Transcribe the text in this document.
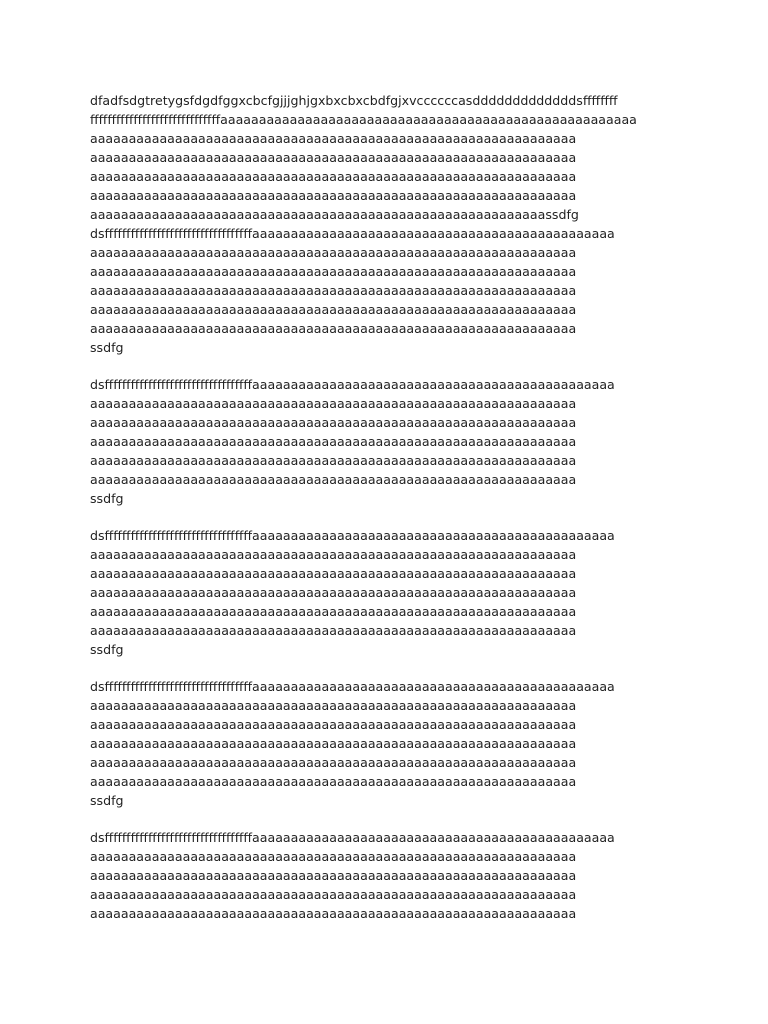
dfadfsdgtretygsfdgdfggxcbcfgjjjghjgxbxcbxcbdfgjxvccccccasdddddddddddddsffffffff
ffffffffffffffffffffffffffffffaaaaaaaaaaaaaaaaaaaaaaaaaaaaaaaaaaaaaaaaaaaaaaaaaaaaaa
aaaaaaaaaaaaaaaaaaaaaaaaaaaaaaaaaaaaaaaaaaaaaaaaaaaaaaaaaaaaaaa
aaaaaaaaaaaaaaaaaaaaaaaaaaaaaaaaaaaaaaaaaaaaaaaaaaaaaaaaaaaaaaa
aaaaaaaaaaaaaaaaaaaaaaaaaaaaaaaaaaaaaaaaaaaaaaaaaaaaaaaaaaaaaaa
aaaaaaaaaaaaaaaaaaaaaaaaaaaaaaaaaaaaaaaaaaaaaaaaaaaaaaaaaaaaaaa
aaaaaaaaaaaaaaaaaaaaaaaaaaaaaaaaaaaaaaaaaaaaaaaaaaaaaaaaaaassdfg
dsffffffffffffffffffffffffffffffffffaaaaaaaaaaaaaaaaaaaaaaaaaaaaaaaaaaaaaaaaaaaaaaa
aaaaaaaaaaaaaaaaaaaaaaaaaaaaaaaaaaaaaaaaaaaaaaaaaaaaaaaaaaaaaaa
aaaaaaaaaaaaaaaaaaaaaaaaaaaaaaaaaaaaaaaaaaaaaaaaaaaaaaaaaaaaaaa
aaaaaaaaaaaaaaaaaaaaaaaaaaaaaaaaaaaaaaaaaaaaaaaaaaaaaaaaaaaaaaa
aaaaaaaaaaaaaaaaaaaaaaaaaaaaaaaaaaaaaaaaaaaaaaaaaaaaaaaaaaaaaaa
aaaaaaaaaaaaaaaaaaaaaaaaaaaaaaaaaaaaaaaaaaaaaaaaaaaaaaaaaaaaaaa
ssdfg
dsffffffffffffffffffffffffffffffffffaaaaaaaaaaaaaaaaaaaaaaaaaaaaaaaaaaaaaaaaaaaaaaa
aaaaaaaaaaaaaaaaaaaaaaaaaaaaaaaaaaaaaaaaaaaaaaaaaaaaaaaaaaaaaaa
aaaaaaaaaaaaaaaaaaaaaaaaaaaaaaaaaaaaaaaaaaaaaaaaaaaaaaaaaaaaaaa
aaaaaaaaaaaaaaaaaaaaaaaaaaaaaaaaaaaaaaaaaaaaaaaaaaaaaaaaaaaaaaa
aaaaaaaaaaaaaaaaaaaaaaaaaaaaaaaaaaaaaaaaaaaaaaaaaaaaaaaaaaaaaaa
aaaaaaaaaaaaaaaaaaaaaaaaaaaaaaaaaaaaaaaaaaaaaaaaaaaaaaaaaaaaaaa
ssdfg
dsffffffffffffffffffffffffffffffffffaaaaaaaaaaaaaaaaaaaaaaaaaaaaaaaaaaaaaaaaaaaaaaa
aaaaaaaaaaaaaaaaaaaaaaaaaaaaaaaaaaaaaaaaaaaaaaaaaaaaaaaaaaaaaaa
aaaaaaaaaaaaaaaaaaaaaaaaaaaaaaaaaaaaaaaaaaaaaaaaaaaaaaaaaaaaaaa
aaaaaaaaaaaaaaaaaaaaaaaaaaaaaaaaaaaaaaaaaaaaaaaaaaaaaaaaaaaaaaa
aaaaaaaaaaaaaaaaaaaaaaaaaaaaaaaaaaaaaaaaaaaaaaaaaaaaaaaaaaaaaaa
aaaaaaaaaaaaaaaaaaaaaaaaaaaaaaaaaaaaaaaaaaaaaaaaaaaaaaaaaaaaaaa
ssdfg
dsffffffffffffffffffffffffffffffffffaaaaaaaaaaaaaaaaaaaaaaaaaaaaaaaaaaaaaaaaaaaaaaa
aaaaaaaaaaaaaaaaaaaaaaaaaaaaaaaaaaaaaaaaaaaaaaaaaaaaaaaaaaaaaaa
aaaaaaaaaaaaaaaaaaaaaaaaaaaaaaaaaaaaaaaaaaaaaaaaaaaaaaaaaaaaaaa
aaaaaaaaaaaaaaaaaaaaaaaaaaaaaaaaaaaaaaaaaaaaaaaaaaaaaaaaaaaaaaa
aaaaaaaaaaaaaaaaaaaaaaaaaaaaaaaaaaaaaaaaaaaaaaaaaaaaaaaaaaaaaaa
aaaaaaaaaaaaaaaaaaaaaaaaaaaaaaaaaaaaaaaaaaaaaaaaaaaaaaaaaaaaaaa
ssdfg
dsffffffffffffffffffffffffffffffffffaaaaaaaaaaaaaaaaaaaaaaaaaaaaaaaaaaaaaaaaaaaaaaa
aaaaaaaaaaaaaaaaaaaaaaaaaaaaaaaaaaaaaaaaaaaaaaaaaaaaaaaaaaaaaaa
aaaaaaaaaaaaaaaaaaaaaaaaaaaaaaaaaaaaaaaaaaaaaaaaaaaaaaaaaaaaaaa
aaaaaaaaaaaaaaaaaaaaaaaaaaaaaaaaaaaaaaaaaaaaaaaaaaaaaaaaaaaaaaa
aaaaaaaaaaaaaaaaaaaaaaaaaaaaaaaaaaaaaaaaaaaaaaaaaaaaaaaaaaaaaaa
